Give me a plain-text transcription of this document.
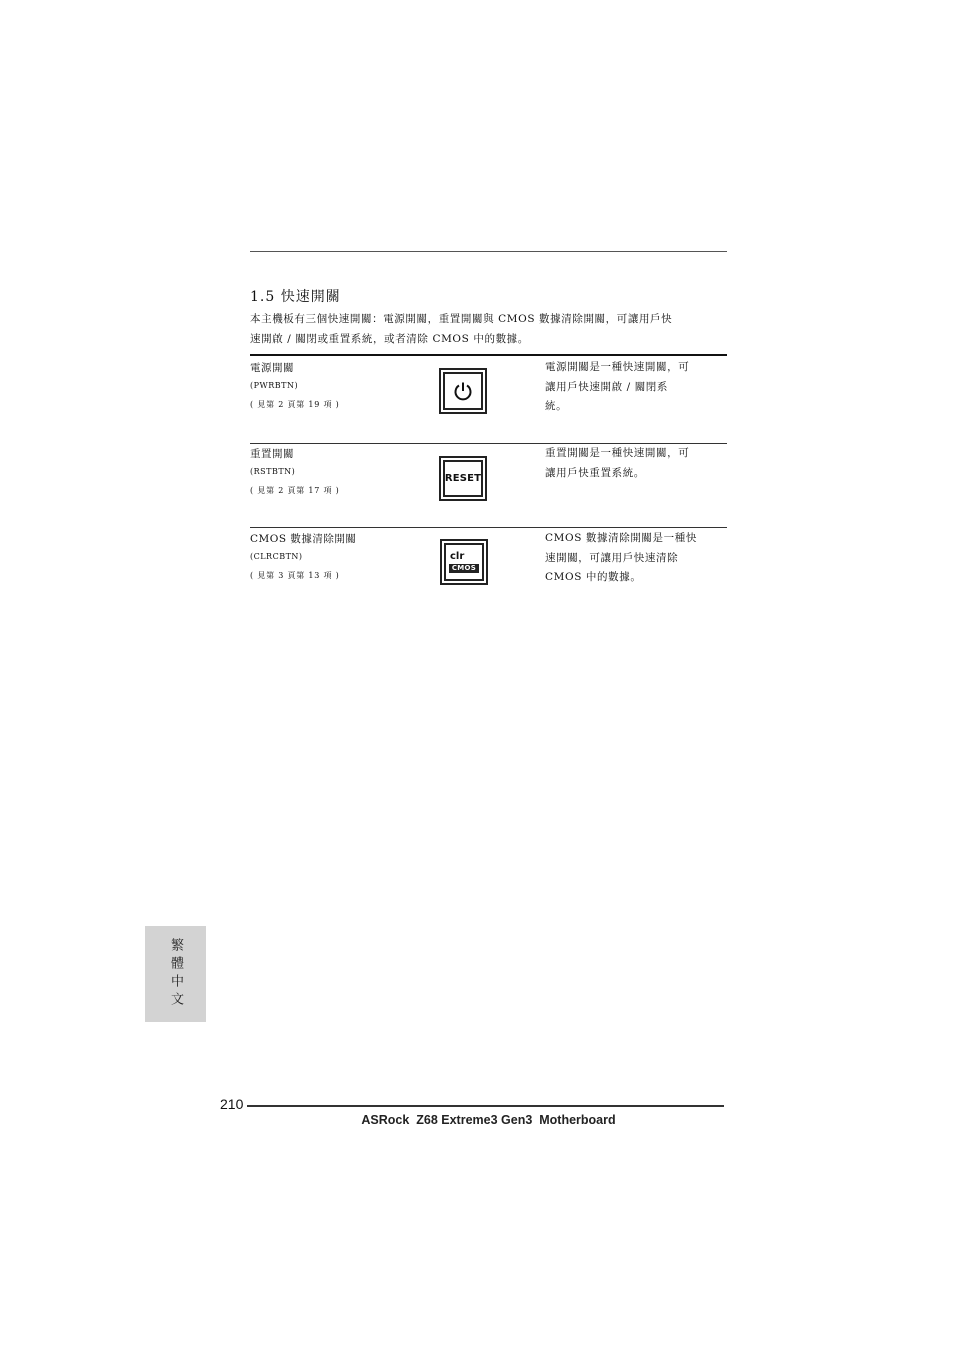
1.5 快速開關
本主機板有三個快速開關：電源開關，重置開關與 CMOS 數據清除開關，可讓用戶快
速開啟 / 關閉或重置系統，或者清除 CMOS 中的數據。
電源開關
(PWRBTN)
( 見第 2 頁第 19 項 )
電源開關是一種快速開關，可
讓用戶快速開啟 / 關閉系
統。
重置開關
(RSTBTN)
( 見第 2 頁第 17 項 )
RESET
重置開關是一種快速開關，可
讓用戶快重置系統。
CMOS 數據清除開關
(CLRCBTN)
( 見第 3 頁第 13 項 )
clr
CMOS
CMOS 數據清除開關是一種快
速開關，可讓用戶快速清除
CMOS 中的數據。
繁體中文
210
ASRock  Z68 Extreme3 Gen3  Motherboard
